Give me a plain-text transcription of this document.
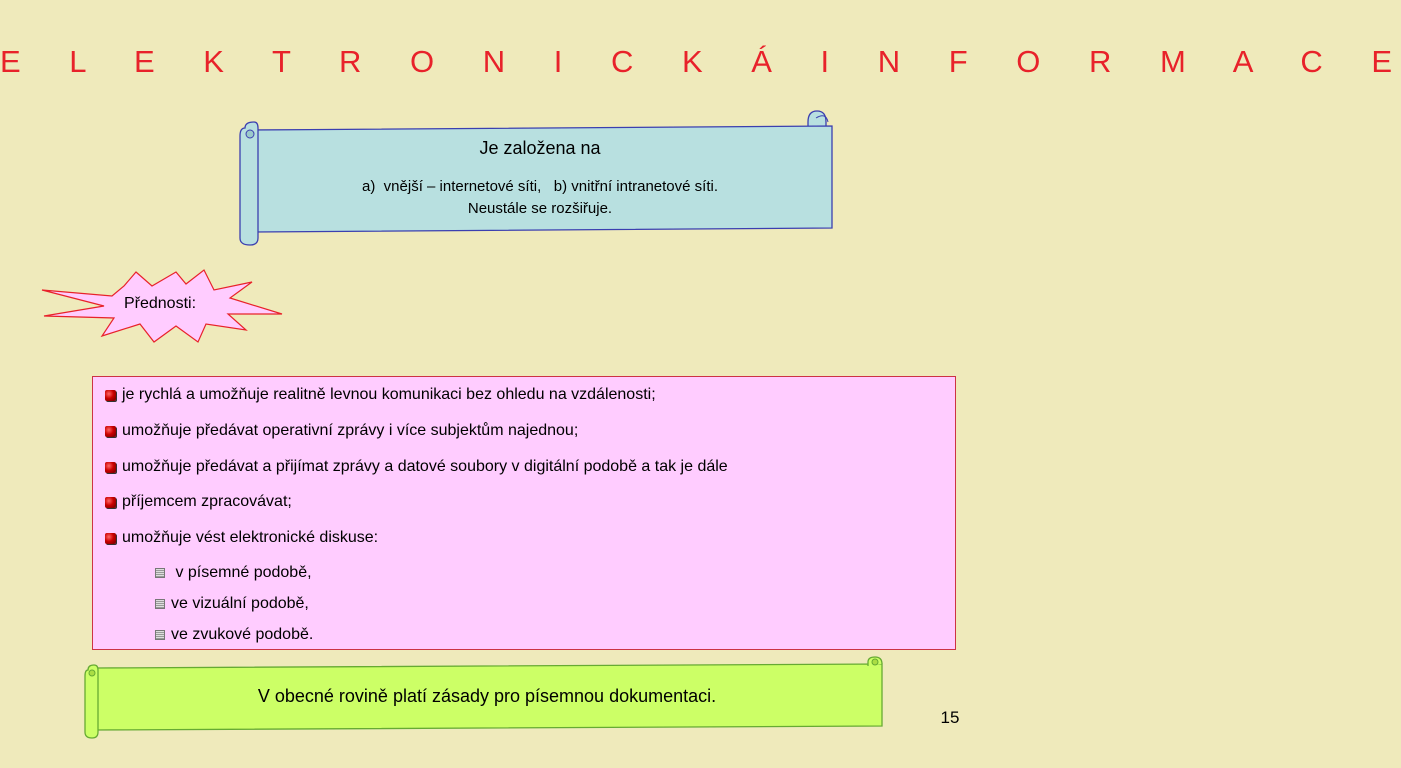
E L E K T R O N I C K Á I N F O R M A C E
Je založena na
a)  vnější – internetové síti,   b) vnitřní intranetové síti.
Neustále se rozšiřuje.
Přednosti:
je rychlá a umožňuje realitně levnou komunikaci bez ohledu na vzdálenosti;
umožňuje předávat operativní zprávy i více subjektům najednou;
umožňuje předávat a přijímat zprávy a datové soubory v digitální podobě a tak je dále
příjemcem zpracovávat;
umožňuje vést elektronické diskuse:
v písemné podobě,
ve vizuální podobě,
ve zvukové podobě.
V obecné rovině platí zásady pro písemnou dokumentaci.
15
